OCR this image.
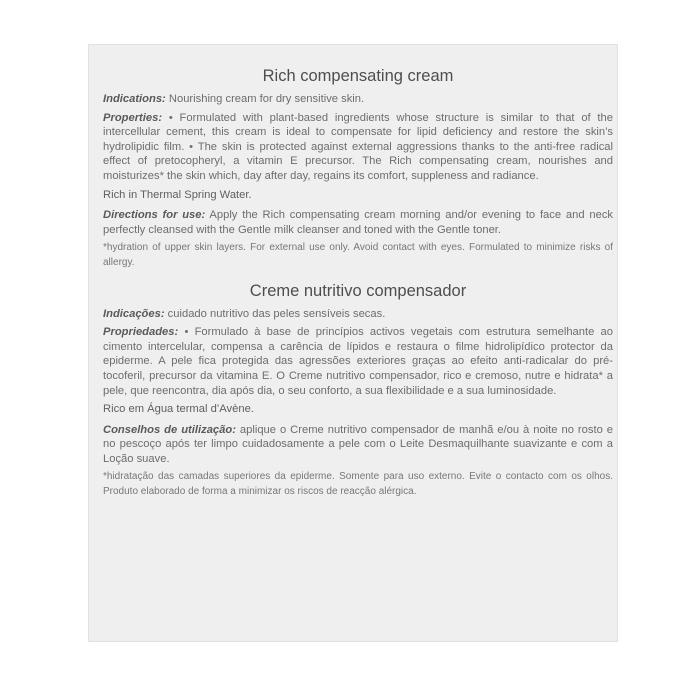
Rich compensating cream

Indications: Nourishing cream for dry sensitive skin.

Properties: • Formulated with plant-based ingredients whose structure is similar to that of the intercellular cement, this cream is ideal to compensate for lipid deficiency and restore the skin’s hydrolipidic film. • The skin is protected against external aggressions thanks to the anti-free radical effect of pretocopheryl, a vitamin E precursor. The Rich compensating cream, nourishes and moisturizes* the skin which, day after day, regains its comfort, suppleness and radiance.

Rich in Thermal Spring Water.

Directions for use: Apply the Rich compensating cream morning and/or evening to face and neck perfectly cleansed with the Gentle milk cleanser and toned with the Gentle toner.

*hydration of upper skin layers. For external use only. Avoid contact with eyes. Formulated to minimize risks of allergy.

Creme nutritivo compensador

Indicações: cuidado nutritivo das peles sensíveis secas.

Propriedades: • Formulado à base de princípios activos vegetais com estrutura semelhante ao cimento intercelular, compensa a carência de lípidos e restaura o filme hidrolipídico protector da epiderme. A pele fica protegida das agressões exteriores graças ao efeito anti-radicalar do pré-tocoferil, precursor da vitamina E. O Creme nutritivo compensador, rico e cremoso, nutre e hidrata* a pele, que reencontra, dia após dia, o seu conforto, a sua flexibilidade e a sua luminosidade.

Rico em Água termal d’Avène.

Conselhos de utilização: aplique o Creme nutritivo compensador de manhã e/ou à noite no rosto e no pescoço após ter limpo cuidadosamente a pele com o Leite Desmaquilhante suavizante e com a Loção suave.

*hidratação das camadas superiores da epiderme. Somente para uso externo. Evite o contacto com os olhos. Produto elaborado de forma a minimizar os riscos de reacção alérgica.
